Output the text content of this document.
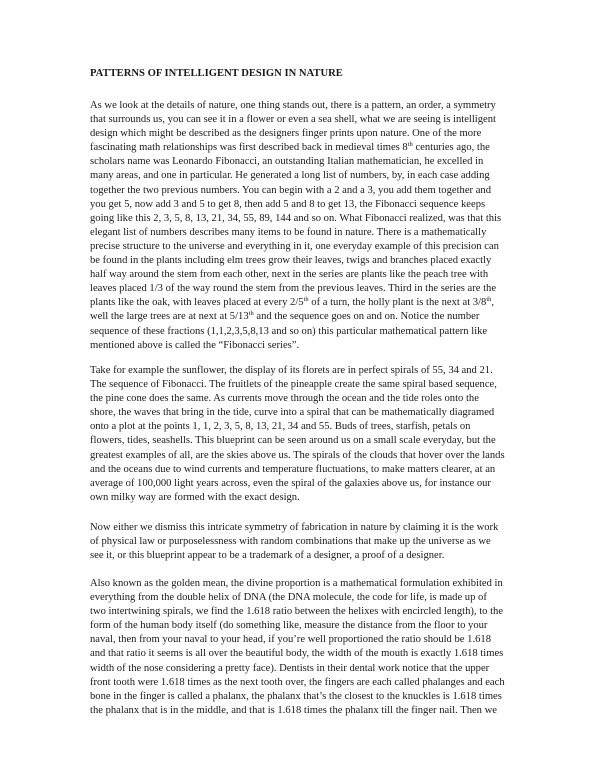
PATTERNS OF INTELLIGENT DESIGN IN NATURE
As we look at the details of nature, one thing stands out, there is a pattern, an order, a symmetry
that surrounds us, you can see it in a flower or even a sea shell, what we are seeing is intelligent
design which might be described as the designers finger prints upon nature. One of the more
fascinating math relationships was first described back in medieval times 8th centuries ago, the
scholars name was Leonardo Fibonacci, an outstanding Italian mathematician, he excelled in
many areas, and one in particular. He generated a long list of numbers, by, in each case adding
together the two previous numbers. You can begin with a 2 and a 3, you add them together and
you get 5, now add 3 and 5 to get 8, then add 5 and 8 to get 13, the Fibonacci sequence keeps
going like this 2, 3, 5, 8, 13, 21, 34, 55, 89, 144 and so on. What Fibonacci realized, was that this
elegant list of numbers describes many items to be found in nature. There is a mathematically
precise structure to the universe and everything in it, one everyday example of this precision can
be found in the plants including elm trees grow their leaves, twigs and branches placed exactly
half way around the stem from each other, next in the series are plants like the peach tree with
leaves placed 1/3 of the way round the stem from the previous leaves. Third in the series are the
plants like the oak, with leaves placed at every 2/5th of a turn, the holly plant is the next at 3/8th,
well the large trees are at next at 5/13th and the sequence goes on and on. Notice the number
sequence of these fractions (1,1,2,3,5,8,13 and so on) this particular mathematical pattern like
mentioned above is called the “Fibonacci series”.
Take for example the sunflower, the display of its florets are in perfect spirals of 55, 34 and 21.
The sequence of Fibonacci. The fruitlets of the pineapple create the same spiral based sequence,
the pine cone does the same. As currents move through the ocean and the tide roles onto the
shore, the waves that bring in the tide, curve into a spiral that can be mathematically diagramed
onto a plot at the points 1, 1, 2, 3, 5, 8, 13, 21, 34 and 55. Buds of trees, starfish, petals on
flowers, tides, seashells. This blueprint can be seen around us on a small scale everyday, but the
greatest examples of all, are the skies above us. The spirals of the clouds that hover over the lands
and the oceans due to wind currents and temperature fluctuations, to make matters clearer, at an
average of 100,000 light years across, even the spiral of the galaxies above us, for instance our
own milky way are formed with the exact design.
Now either we dismiss this intricate symmetry of fabrication in nature by claiming it is the work
of physical law or purposelessness with random combinations that make up the universe as we
see it, or this blueprint appear to be a trademark of a designer, a proof of a designer.
Also known as the golden mean, the divine proportion is a mathematical formulation exhibited in
everything from the double helix of DNA (the DNA molecule, the code for life, is made up of
two intertwining spirals, we find the 1.618 ratio between the helixes with encircled length), to the
form of the human body itself (do something like, measure the distance from the floor to your
naval, then from your naval to your head, if you’re well proportioned the ratio should be 1.618
and that ratio it seems is all over the beautiful body, the width of the mouth is exactly 1.618 times
width of the nose considering a pretty face). Dentists in their dental work notice that the upper
front tooth were 1.618 times as the next tooth over, the fingers are each called phalanges and each
bone in the finger is called a phalanx, the phalanx that’s the closest to the knuckles is 1.618 times
the phalanx that is in the middle, and that is 1.618 times the phalanx till the finger nail. Then we
